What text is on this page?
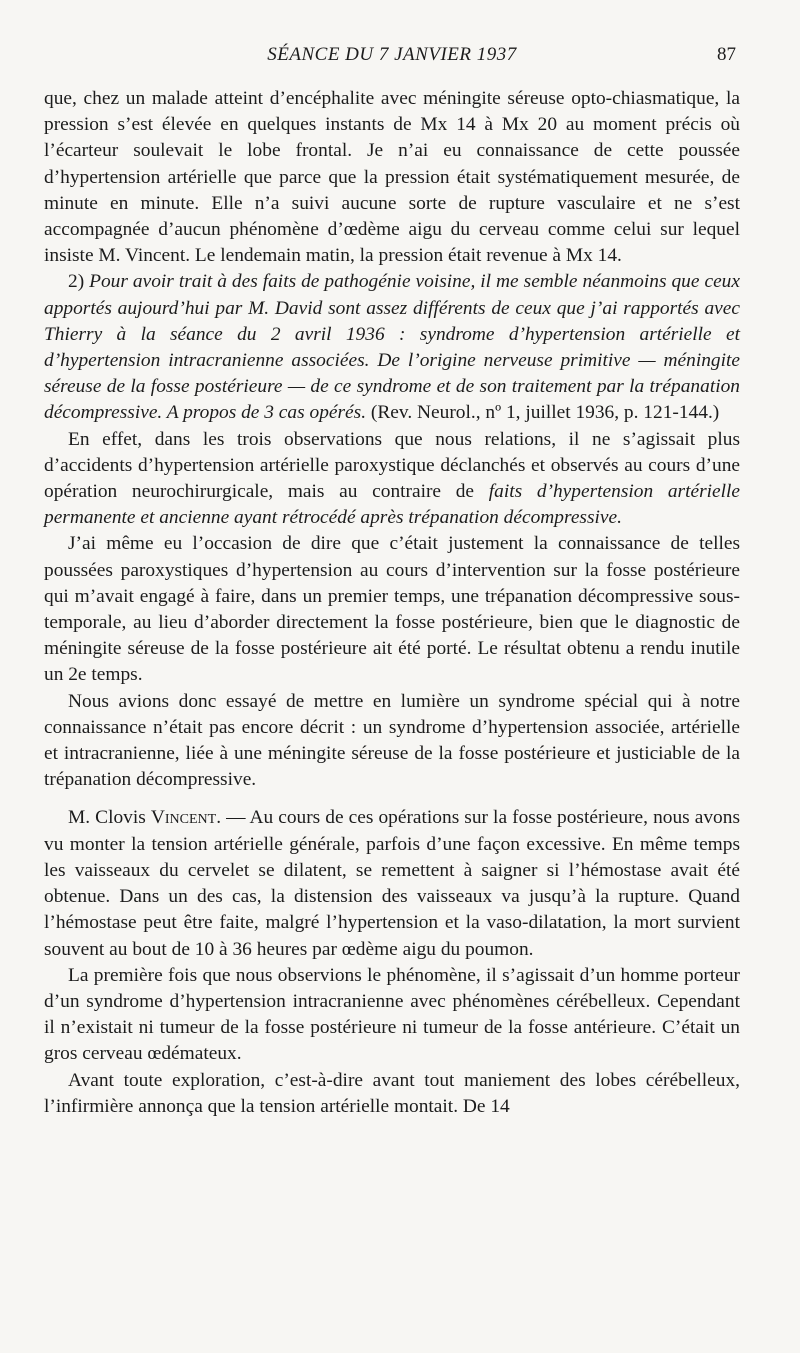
SÉANCE DU 7 JANVIER 1937	87

que, chez un malade atteint d’encéphalite avec méningite séreuse opto-chiasmatique, la pression s’est élevée en quelques instants de Mx 14 à Mx 20 au moment précis où l’écarteur soulevait le lobe frontal. Je n’ai eu connaissance de cette poussée d’hypertension artérielle que parce que la pression était systématiquement mesurée, de minute en minute. Elle n’a suivi aucune sorte de rupture vasculaire et ne s’est accompagnée d’aucun phénomène d’œdème aigu du cerveau comme celui sur lequel insiste M. Vincent. Le lendemain matin, la pression était revenue à Mx 14.

2) Pour avoir trait à des faits de pathogénie voisine, il me semble néanmoins que ceux apportés aujourd’hui par M. David sont assez différents de ceux que j’ai rapportés avec Thierry à la séance du 2 avril 1936 : syndrome d’hypertension artérielle et d’hypertension intracranienne associées. De l’origine nerveuse primitive — méningite séreuse de la fosse postérieure — de ce syndrome et de son traitement par la trépanation décompressive. A propos de 3 cas opérés. (Rev. Neurol., nº 1, juillet 1936, p. 121-144.)

En effet, dans les trois observations que nous relations, il ne s’agissait plus d’accidents d’hypertension artérielle paroxystique déclanchés et observés au cours d’une opération neurochirurgicale, mais au contraire de faits d’hypertension artérielle permanente et ancienne ayant rétrocédé après trépanation décompressive.

J’ai même eu l’occasion de dire que c’était justement la connaissance de telles poussées paroxystiques d’hypertension au cours d’intervention sur la fosse postérieure qui m’avait engagé à faire, dans un premier temps, une trépanation décompressive sous-temporale, au lieu d’aborder directement la fosse postérieure, bien que le diagnostic de méningite séreuse de la fosse postérieure ait été porté. Le résultat obtenu a rendu inutile un 2e temps.

Nous avions donc essayé de mettre en lumière un syndrome spécial qui à notre connaissance n’était pas encore décrit : un syndrome d’hypertension associée, artérielle et intracranienne, liée à une méningite séreuse de la fosse postérieure et justiciable de la trépanation décompressive.

M. Clovis Vincent. — Au cours de ces opérations sur la fosse postérieure, nous avons vu monter la tension artérielle générale, parfois d’une façon excessive. En même temps les vaisseaux du cervelet se dilatent, se remettent à saigner si l’hémostase avait été obtenue. Dans un des cas, la distension des vaisseaux va jusqu’à la rupture. Quand l’hémostase peut être faite, malgré l’hypertension et la vaso-dilatation, la mort survient souvent au bout de 10 à 36 heures par œdème aigu du poumon.

La première fois que nous observions le phénomène, il s’agissait d’un homme porteur d’un syndrome d’hypertension intracranienne avec phénomènes cérébelleux. Cependant il n’existait ni tumeur de la fosse postérieure ni tumeur de la fosse antérieure. C’était un gros cerveau œdémateux.

Avant toute exploration, c’est-à-dire avant tout maniement des lobes cérébelleux, l’infirmière annonça que la tension artérielle montait. De 14
